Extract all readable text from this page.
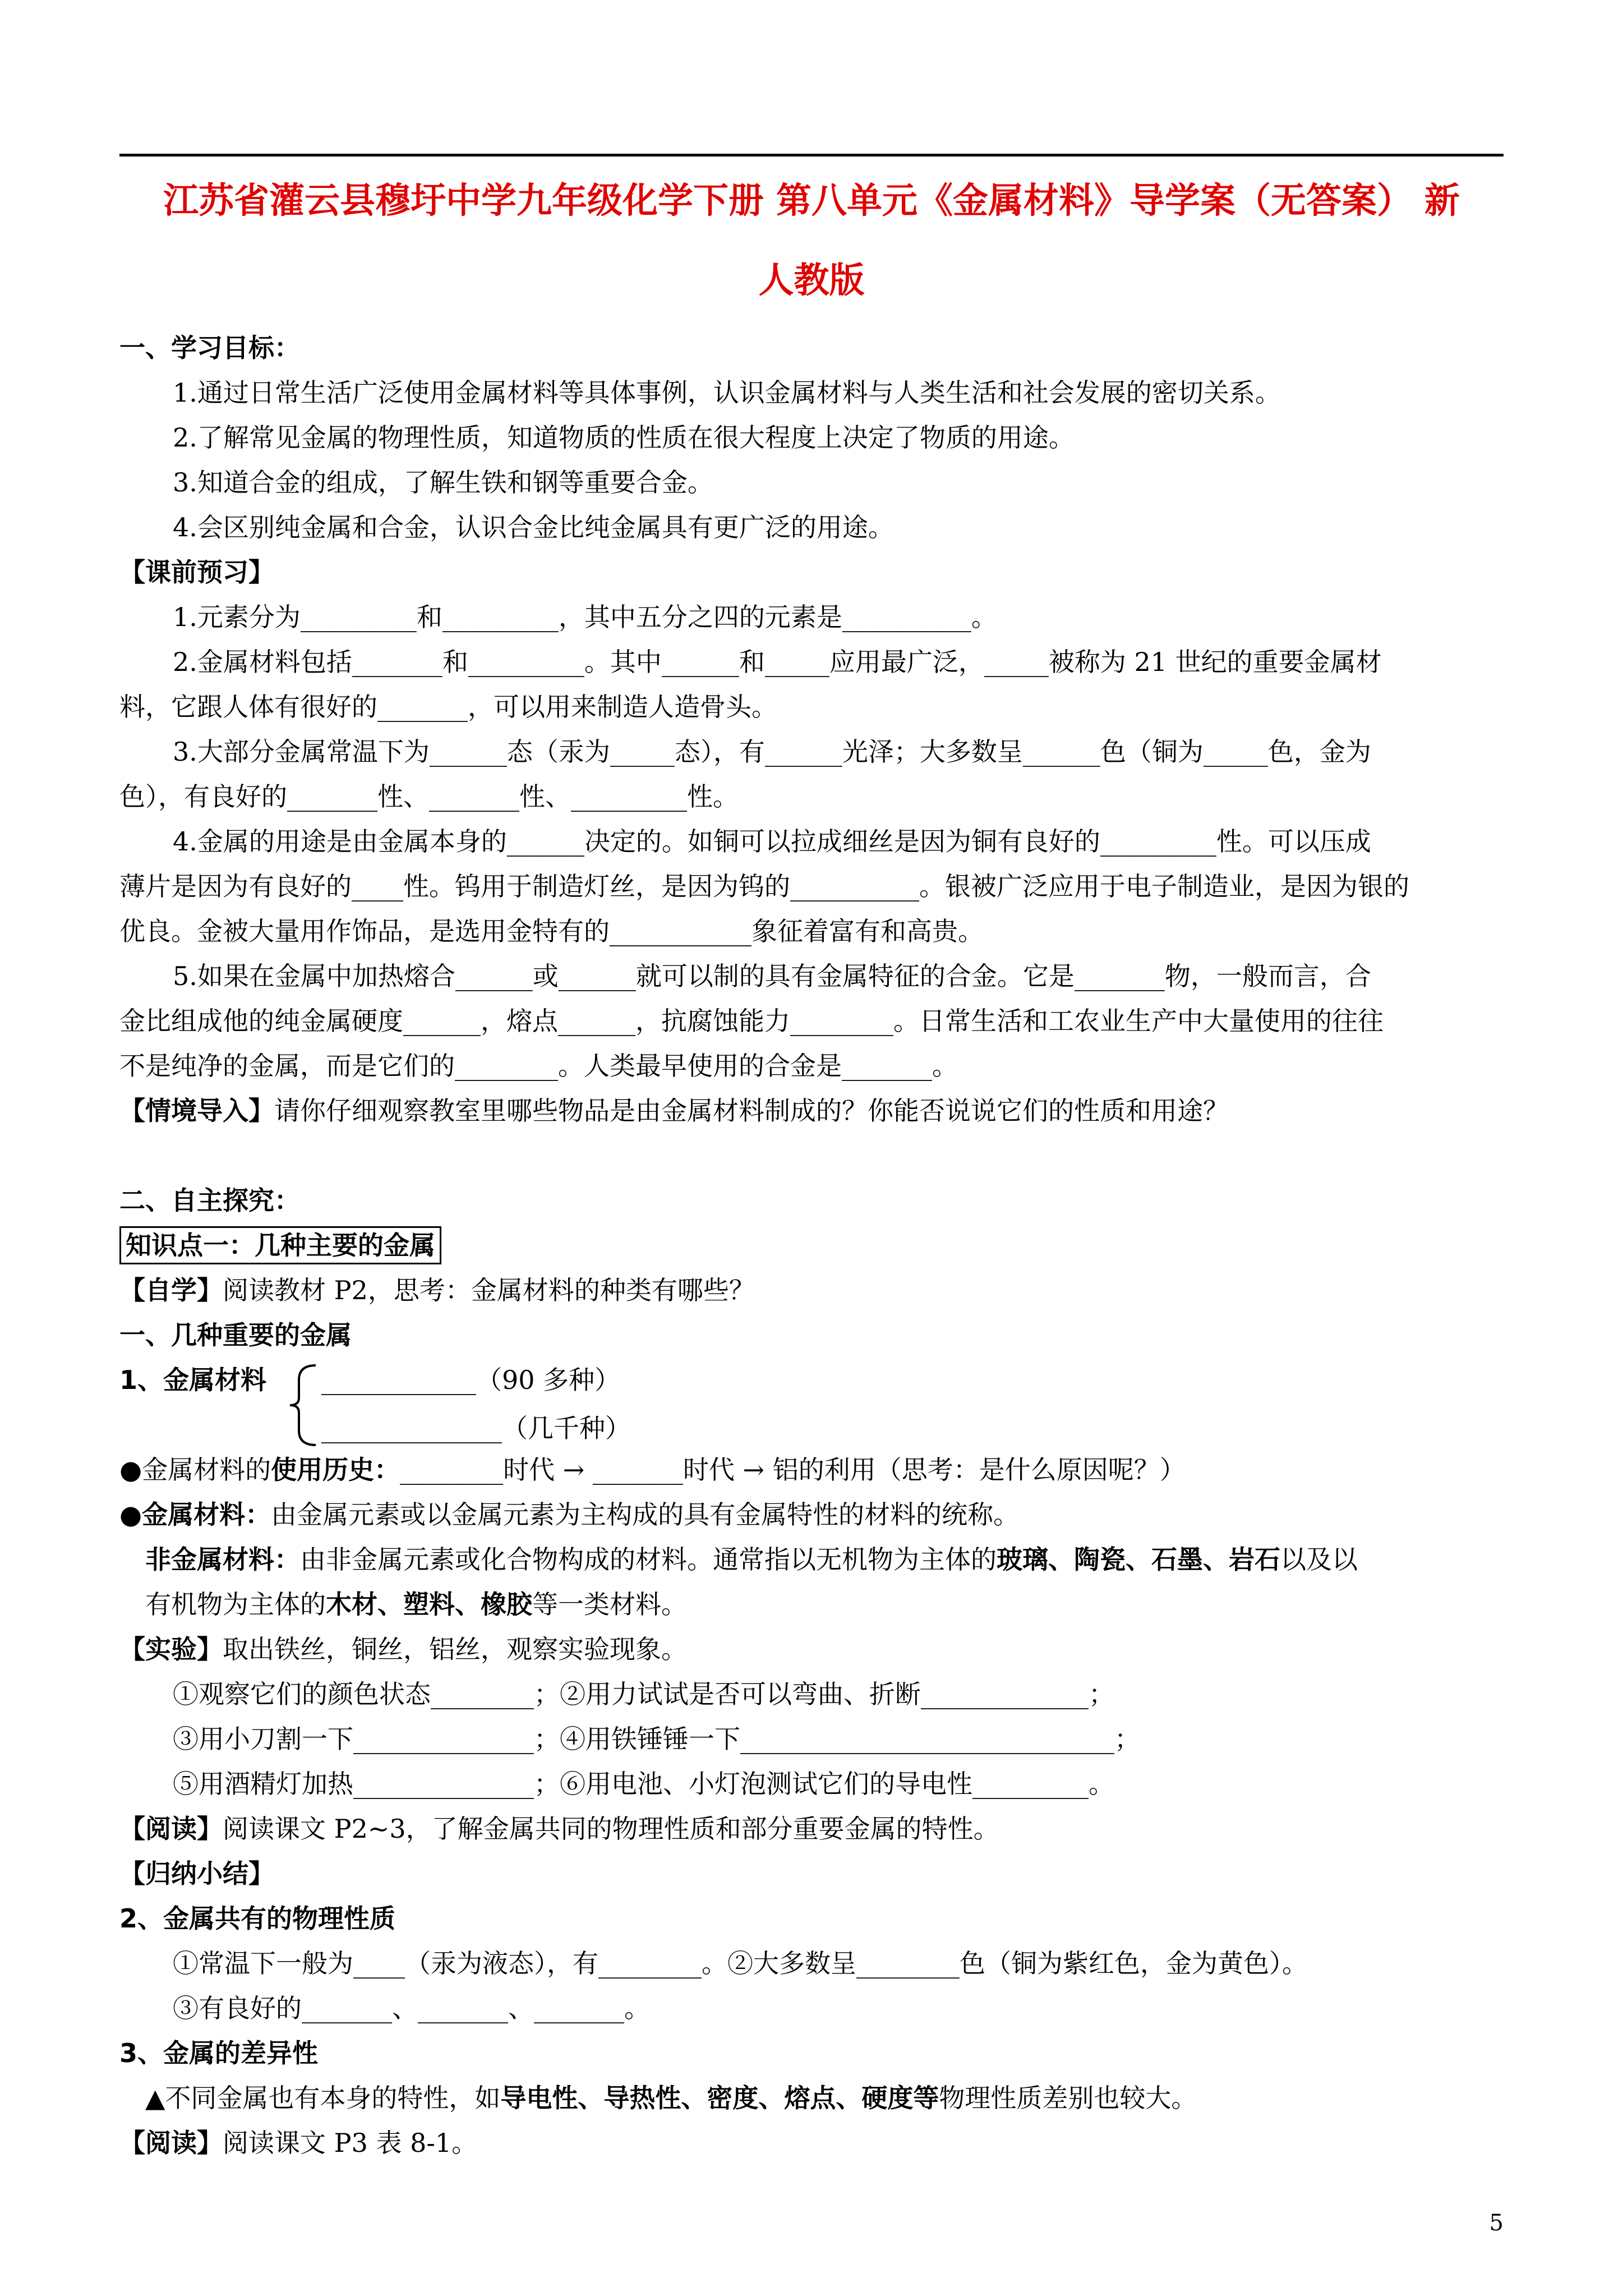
江苏省灌云县穆圩中学九年级化学下册 第八单元《金属材料》导学案（无答案） 新
人教版
一、学习目标：
1.通过日常生活广泛使用金属材料等具体事例，认识金属材料与人类生活和社会发展的密切关系。
2.了解常见金属的物理性质，知道物质的性质在很大程度上决定了物质的用途。
3.知道合金的组成，了解生铁和钢等重要合金。
4.会区别纯金属和合金，认识合金比纯金属具有更广泛的用途。
【课前预习】
1.元素分为_________和_________，其中五分之四的元素是__________。
2.金属材料包括_______和_________。其中______和_____应用最广泛，_____被称为 21 世纪的重要金属材
料，它跟人体有很好的_______，可以用来制造人造骨头。
3.大部分金属常温下为______态（汞为_____态），有______光泽；大多数呈______色（铜为_____色，金为
色），有良好的_______性、_______性、_________性。
4.金属的用途是由金属本身的______决定的。如铜可以拉成细丝是因为铜有良好的_________性。可以压成
薄片是因为有良好的____性。钨用于制造灯丝，是因为钨的__________。银被广泛应用于电子制造业，是因为银的
优良。金被大量用作饰品，是选用金特有的___________象征着富有和高贵。
5.如果在金属中加热熔合______或______就可以制的具有金属特征的合金。它是_______物，一般而言，合
金比组成他的纯金属硬度______，熔点______，抗腐蚀能力________。日常生活和工农业生产中大量使用的往往
不是纯净的金属，而是它们的________。人类最早使用的合金是_______。
【情境导入】请你仔细观察教室里哪些物品是由金属材料制成的？你能否说说它们的性质和用途？
二、自主探究：
知识点一：几种主要的金属
【自学】阅读教材 P2，思考：金属材料的种类有哪些？
一、几种重要的金属
1、金属材料 ____________（90 多种）
______________（几千种）
●金属材料的使用历史：________时代 → _______时代 → 铝的利用（思考：是什么原因呢？）
●金属材料：由金属元素或以金属元素为主构成的具有金属特性的材料的统称。
非金属材料：由非金属元素或化合物构成的材料。通常指以无机物为主体的玻璃、陶瓷、石墨、岩石以及以
有机物为主体的木材、塑料、橡胶等一类材料。
【实验】取出铁丝，铜丝，铝丝，观察实验现象。
①观察它们的颜色状态________；②用力试试是否可以弯曲、折断_____________；
③用小刀割一下______________；④用铁锤锤一下_____________________________；
⑤用酒精灯加热______________；⑥用电池、小灯泡测试它们的导电性_________。
【阅读】阅读课文 P2~3，了解金属共同的物理性质和部分重要金属的特性。
【归纳小结】
2、金属共有的物理性质
①常温下一般为____（汞为液态），有________。②大多数呈________色（铜为紫红色，金为黄色）。
③有良好的_______、_______、_______。
3、金属的差异性
▲不同金属也有本身的特性，如导电性、导热性、密度、熔点、硬度等物理性质差别也较大。
【阅读】阅读课文 P3 表 8-1。
5
